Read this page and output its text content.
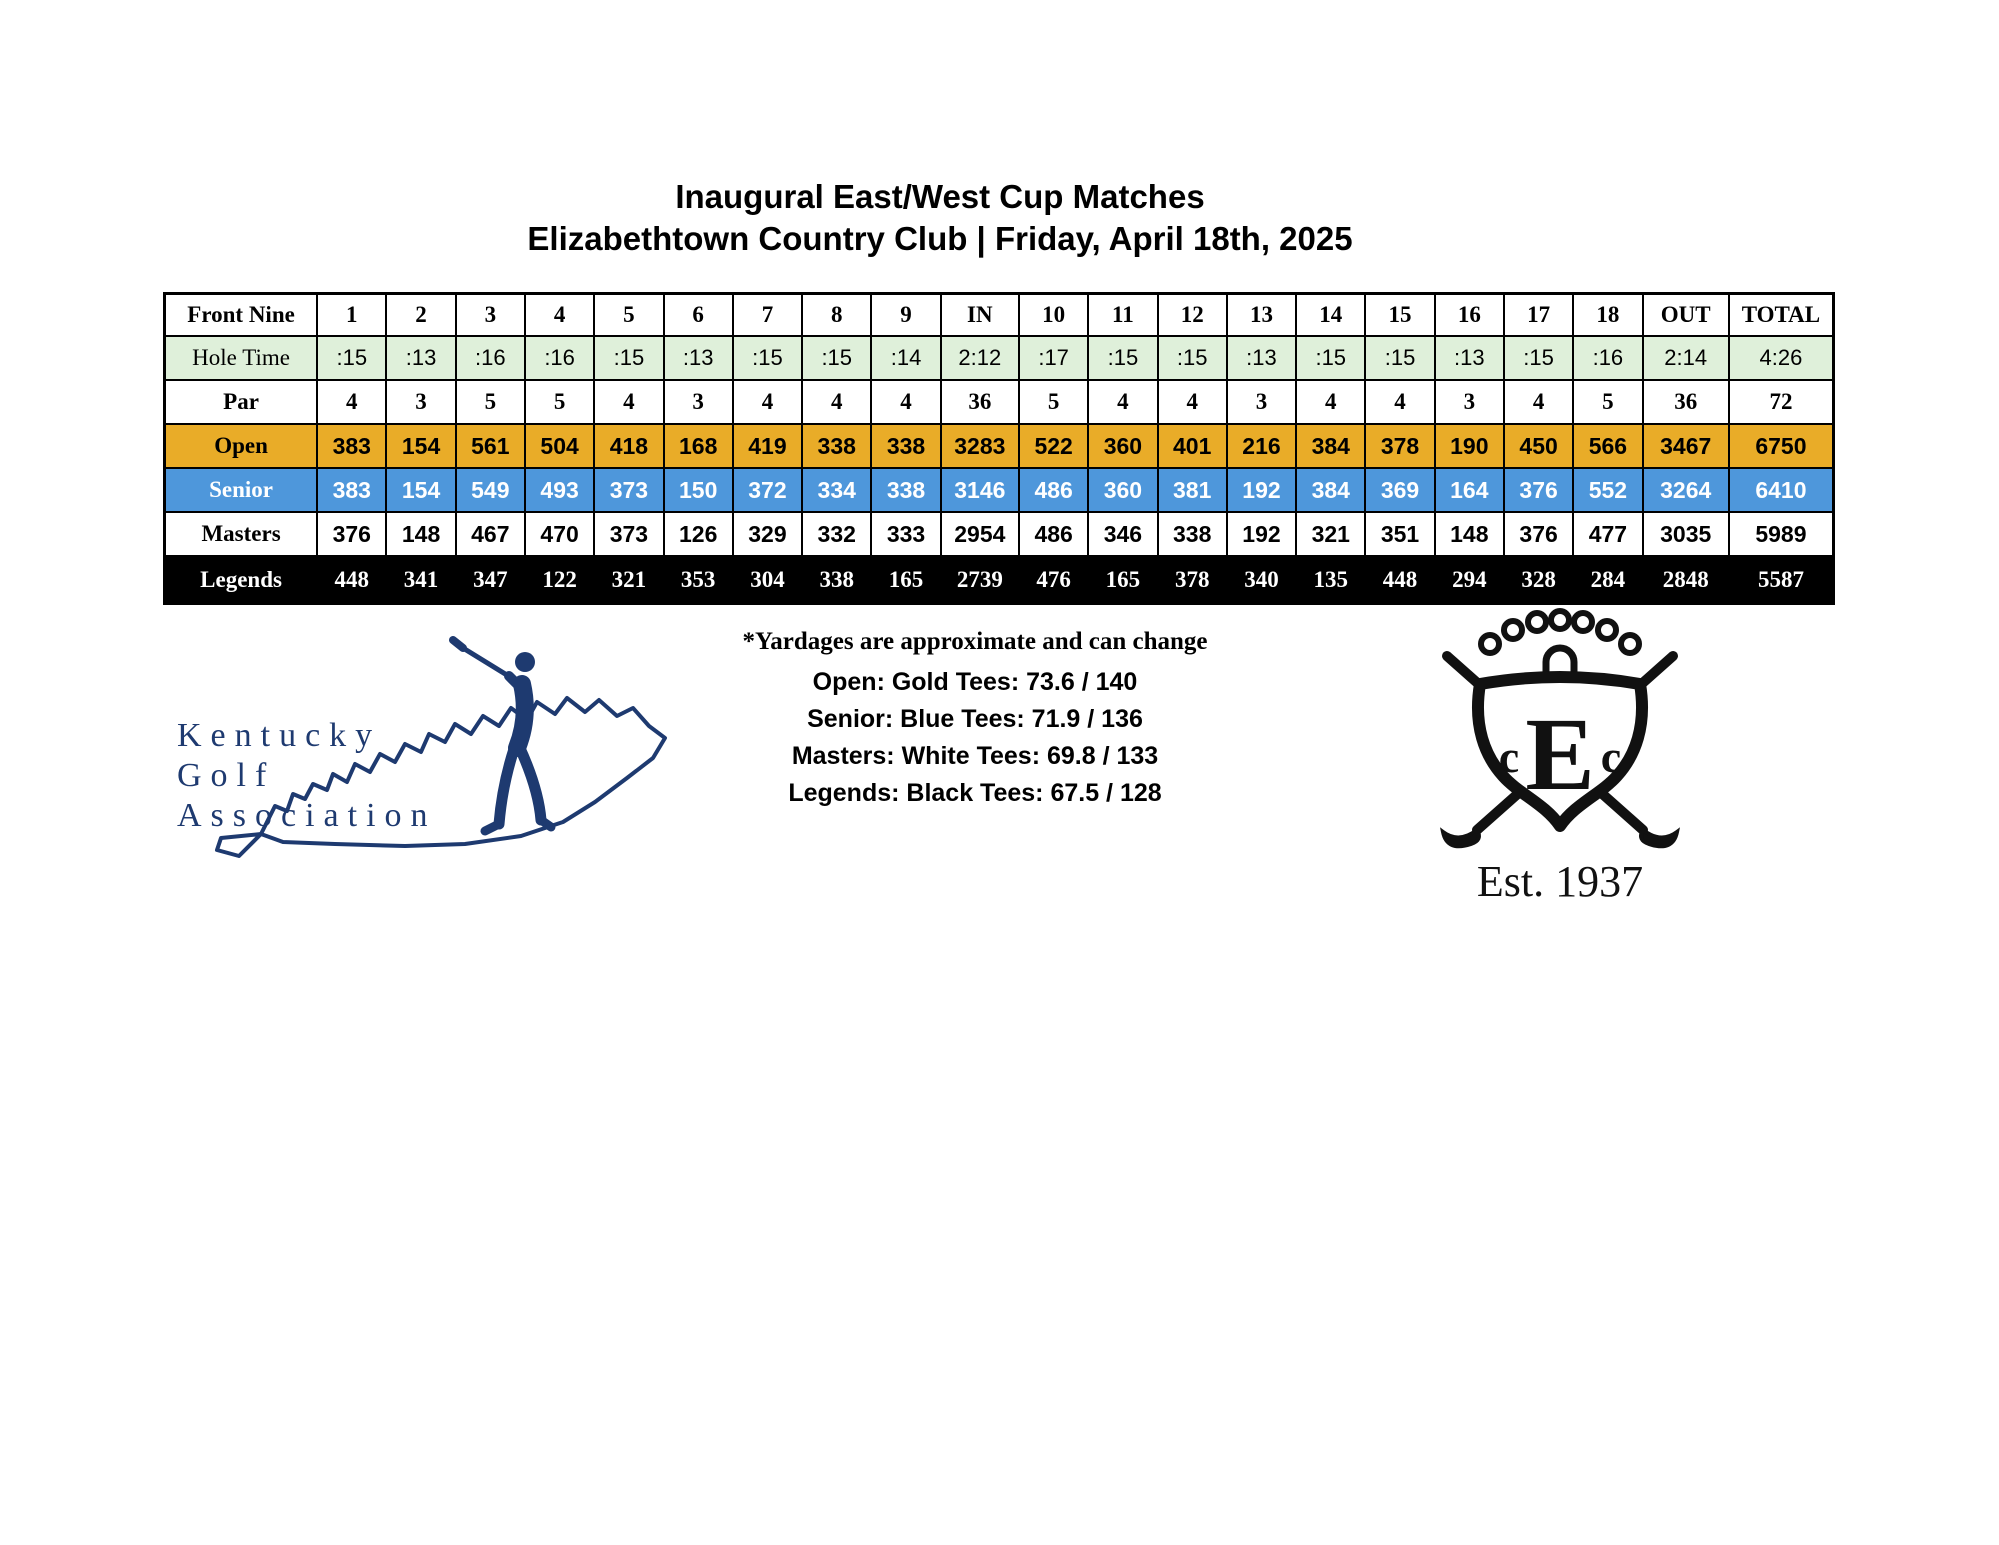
Inaugural East/West Cup Matches
Elizabethtown Country Club | Friday, April 18th, 2025
Front Nine	1	2	3	4	5	6	7	8	9	IN	10	11	12	13	14	15	16	17	18	OUT	TOTAL
Hole Time	:15	:13	:16	:16	:15	:13	:15	:15	:14	2:12	:17	:15	:15	:13	:15	:15	:13	:15	:16	2:14	4:26
Par	4	3	5	5	4	3	4	4	4	36	5	4	4	3	4	4	3	4	5	36	72
Open	383	154	561	504	418	168	419	338	338	3283	522	360	401	216	384	378	190	450	566	3467	6750
Senior	383	154	549	493	373	150	372	334	338	3146	486	360	381	192	384	369	164	376	552	3264	6410
Masters	376	148	467	470	373	126	329	332	333	2954	486	346	338	192	321	351	148	376	477	3035	5989
Legends	448	341	347	122	321	353	304	338	165	2739	476	165	378	340	135	448	294	328	284	2848	5587
Kentucky
Golf
Association
*Yardages are approximate and can change
Open: Gold Tees: 73.6 / 140
Senior: Blue Tees: 71.9 / 136
Masters: White Tees: 69.8 / 133
Legends: Black Tees: 67.5 / 128
c E c
Est. 1937
